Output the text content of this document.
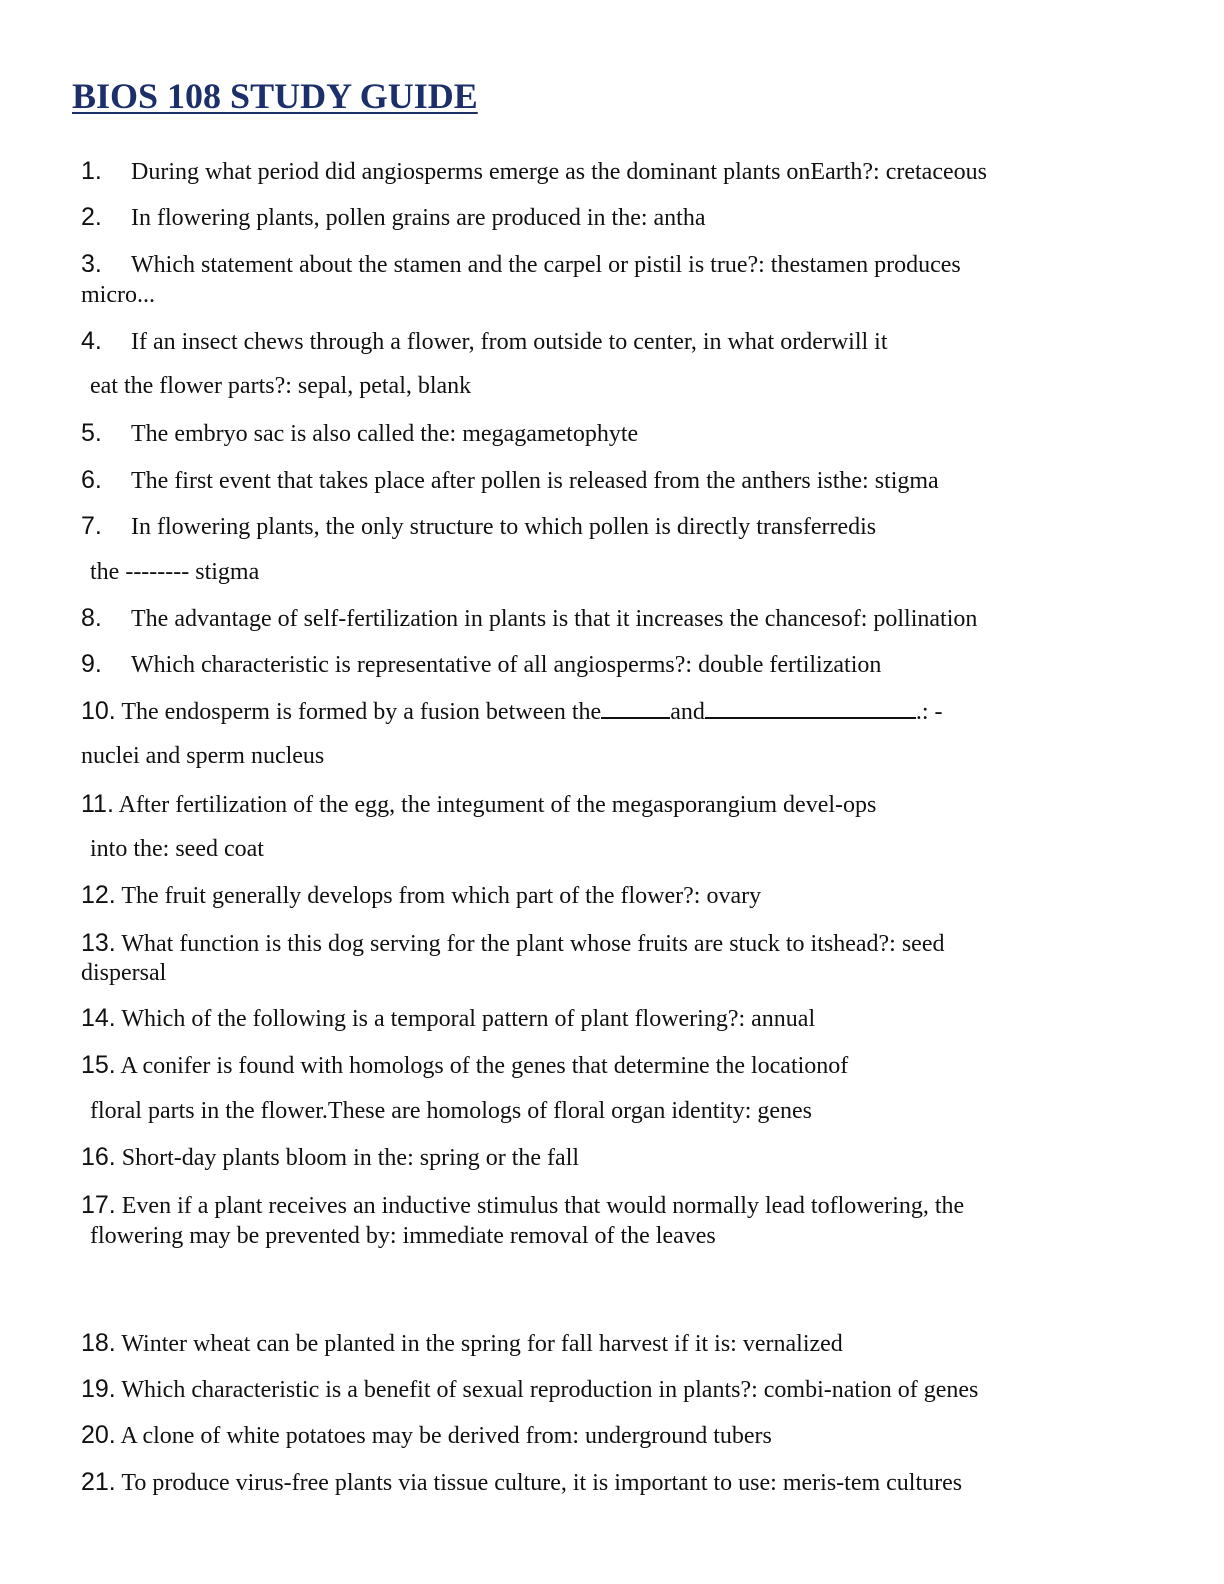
BIOS 108 STUDY GUIDE
1. During what period did angiosperms emerge as the dominant plants onEarth?: cretaceous
2. In flowering plants, pollen grains are produced in the: antha
3. Which statement about the stamen and the carpel or pistil is true?: thestamen produces
micro...
4. If an insect chews through a flower, from outside to center, in what orderwill it
eat the flower parts?: sepal, petal, blank
5. The embryo sac is also called the: megagametophyte
6. The first event that takes place after pollen is released from the anthers isthe: stigma
7. In flowering plants, the only structure to which pollen is directly transferredis
the -------- stigma
8. The advantage of self-fertilization in plants is that it increases the chancesof: pollination
9. Which characteristic is representative of all angiosperms?: double fertilization
10. The endosperm is formed by a fusion between the	and	.: -
nuclei and sperm nucleus
11. After fertilization of the egg, the integument of the megasporangium devel-ops
into the: seed coat
12. The fruit generally develops from which part of the flower?: ovary
13. What function is this dog serving for the plant whose fruits are stuck to itshead?: seed
dispersal
14. Which of the following is a temporal pattern of plant flowering?: annual
15. A conifer is found with homologs of the genes that determine the locationof
floral parts in the flower.These are homologs of floral organ identity: genes
16. Short-day plants bloom in the: spring or the fall
17. Even if a plant receives an inductive stimulus that would normally lead toflowering, the
flowering may be prevented by: immediate removal of the leaves
18. Winter wheat can be planted in the spring for fall harvest if it is: vernalized
19. Which characteristic is a benefit of sexual reproduction in plants?: combi-nation of genes
20. A clone of white potatoes may be derived from: underground tubers
21. To produce virus-free plants via tissue culture, it is important to use: meris-tem cultures
